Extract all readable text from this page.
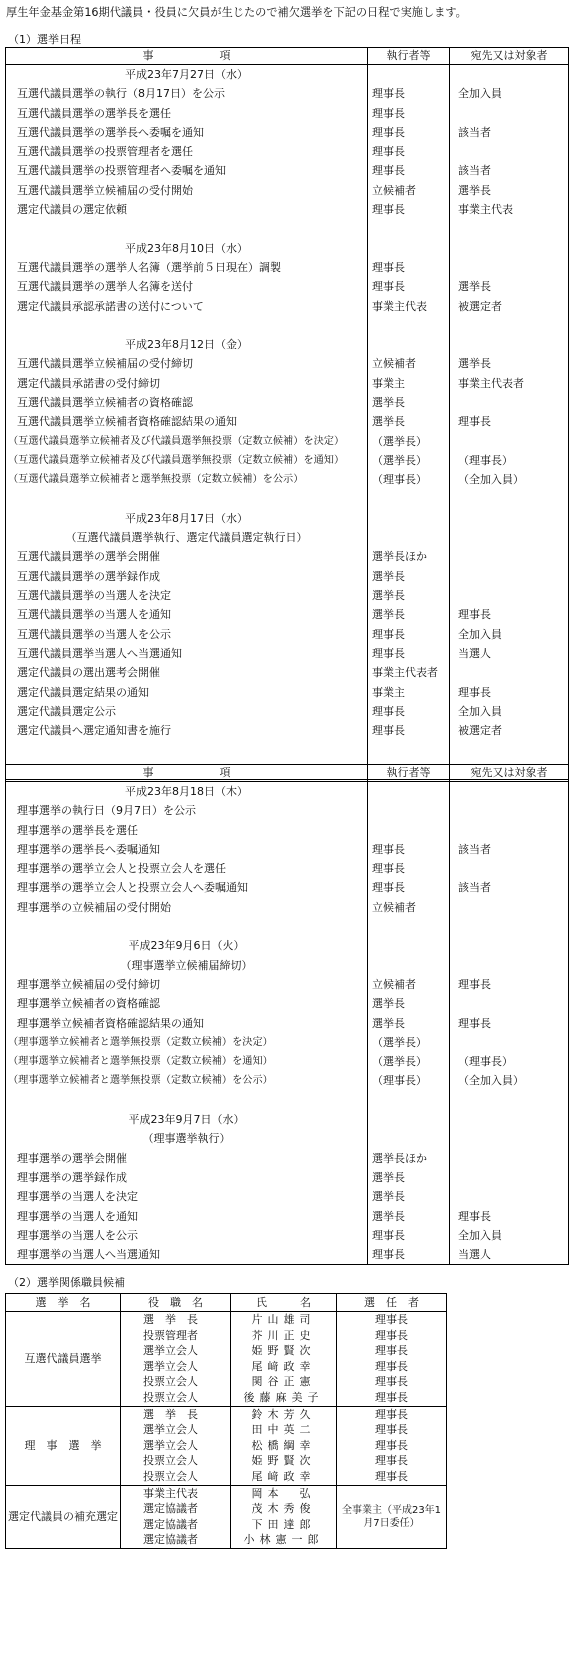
厚生年金基金第16期代議員・役員に欠員が生じたので補欠選挙を下記の日程で実施します。
（1）選挙日程
事　　　　　　項	執行者等	宛先又は対象者
平成23年7月27日（水）		
互選代議員選挙の執行（8月17日）を公示	理事長	全加入員
互選代議員選挙の選挙長を選任	理事長	
互選代議員選挙の選挙長へ委嘱を通知	理事長	該当者
互選代議員選挙の投票管理者を選任	理事長	
互選代議員選挙の投票管理者へ委嘱を通知	理事長	該当者
互選代議員選挙立候補届の受付開始	立候補者	選挙長
選定代議員の選定依頼	理事長	事業主代表

平成23年8月10日（水）		
互選代議員選挙の選挙人名簿（選挙前５日現在）調製	理事長	
互選代議員選挙の選挙人名簿を送付	理事長	選挙長
選定代議員承認承諾書の送付について	事業主代表	被選定者

平成23年8月12日（金）		
互選代議員選挙立候補届の受付締切	立候補者	選挙長
選定代議員承諾書の受付締切	事業主	事業主代表者
互選代議員選挙立候補者の資格確認	選挙長	
互選代議員選挙立候補者資格確認結果の通知	選挙長	理事長
（互選代議員選挙立候補者及び代議員選挙無投票（定数立候補）を決定）	（選挙長）	
（互選代議員選挙立候補者及び代議員選挙無投票（定数立候補）を通知）	（選挙長）	（理事長）
（互選代議員選挙立候補者と選挙無投票（定数立候補）を公示）	（理事長）	（全加入員）

平成23年8月17日（水）		
（互選代議員選挙執行、選定代議員選定執行日）		
互選代議員選挙の選挙会開催	選挙長ほか	
互選代議員選挙の選挙録作成	選挙長	
互選代議員選挙の当選人を決定	選挙長	
互選代議員選挙の当選人を通知	選挙長	理事長
互選代議員選挙の当選人を公示	理事長	全加入員
互選代議員選挙当選人へ当選通知	理事長	当選人
選定代議員の選出選考会開催	事業主代表者	
選定代議員選定結果の通知	事業主	理事長
選定代議員選定公示	理事長	全加入員
選定代議員へ選定通知書を施行	理事長	被選定者

事　　　　　　項	執行者等	宛先又は対象者
平成23年8月18日（木）		
理事選挙の執行日（9月7日）を公示		
理事選挙の選挙長を選任		
理事選挙の選挙長へ委嘱通知	理事長	該当者
理事選挙の選挙立会人と投票立会人を選任	理事長	
理事選挙の選挙立会人と投票立会人へ委嘱通知	理事長	該当者
理事選挙の立候補届の受付開始	立候補者	

平成23年9月6日（火）		
（理事選挙立候補届締切）		
理事選挙立候補届の受付締切	立候補者	理事長
理事選挙立候補者の資格確認	選挙長	
理事選挙立候補者資格確認結果の通知	選挙長	理事長
（理事選挙立候補者と選挙無投票（定数立候補）を決定）	（選挙長）	
（理事選挙立候補者と選挙無投票（定数立候補）を通知）	（選挙長）	（理事長）
（理事選挙立候補者と選挙無投票（定数立候補）を公示）	（理事長）	（全加入員）

平成23年9月7日（水）		
（理事選挙執行）		
理事選挙の選挙会開催	選挙長ほか	
理事選挙の選挙録作成	選挙長	
理事選挙の当選人を決定	選挙長	
理事選挙の当選人を通知	選挙長	理事長
理事選挙の当選人を公示	理事長	全加入員
理事選挙の当選人へ当選通知	理事長	当選人
（2）選挙関係職員候補
選　挙　名	役　職　名	氏　　　名	選　任　者
互選代議員選挙	選　挙　長	片山雄司	理事長
	投票管理者	芥川正史	理事長
	選挙立会人	姫野賢次	理事長
	選挙立会人	尾﨑政幸	理事長
	投票立会人	関谷正憲	理事長
	投票立会人	後藤麻美子	理事長
理　事　選　挙	選　挙　長	鈴木芳久	理事長
	選挙立会人	田中英二	理事長
	選挙立会人	松橋綱幸	理事長
	投票立会人	姫野賢次	理事長
	投票立会人	尾﨑政幸	理事長
選定代議員の補充選定	事業主代表	岡本　弘	全事業主（平成23年1月7日委任）
	選定協議者	茂木秀俊	
	選定協議者	下田達郎	
	選定協議者	小林憲一郎	
